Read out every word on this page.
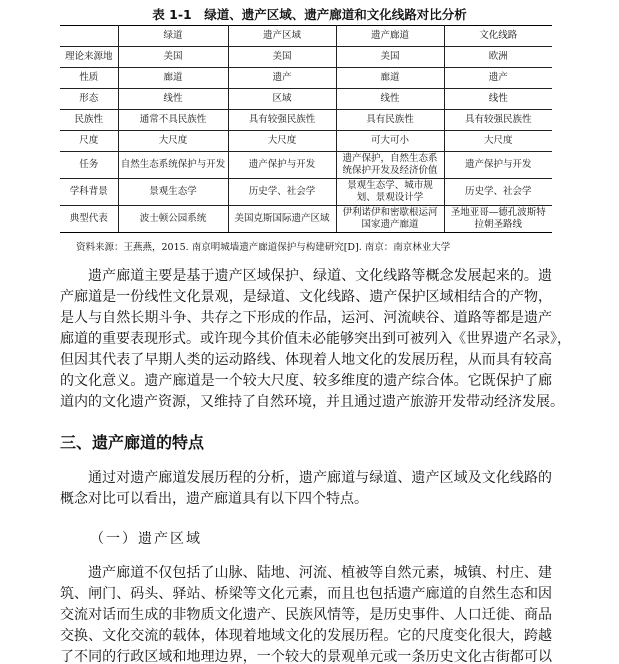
表 1-1　绿道、遗产区域、遗产廊道和文化线路对比分析
	绿道	遗产区域	遗产廊道	文化线路
理论来源地	美国	美国	美国	欧洲
性质	廊道	遗产	廊道	遗产
形态	线性	区域	线性	线性
民族性	通常不具民族性	具有较强民族性	具有民族性	具有较强民族性
尺度	大尺度	大尺度	可大可小	大尺度
任务	自然生态系统保护与开发	遗产保护与开发	遗产保护，自然生态系统保护开发及经济价值	遗产保护与开发
学科背景	景观生态学	历史学、社会学	景观生态学、城市规划、景观设计学	历史学、社会学
典型代表	波士顿公园系统	美国克斯国际遗产区域	伊利诺伊和密歇根运河国家遗产廊道	圣地亚哥—德孔波斯特拉朝圣路线
资料来源：王燕燕，2015. 南京明城墙遗产廊道保护与构建研究[D]. 南京：南京林业大学
遗产廊道主要是基于遗产区域保护、绿道、文化线路等概念发展起来的。遗
产廊道是一份线性文化景观，是绿道、文化线路、遗产保护区域相结合的产物，
是人与自然长期斗争、共存之下形成的作品，运河、河流峡谷、道路等都是遗产
廊道的重要表现形式。或许现今其价值未必能够突出到可被列入《世界遗产名录》，
但因其代表了早期人类的运动路线、体现着人地文化的发展历程，从而具有较高
的文化意义。遗产廊道是一个较大尺度、较多维度的遗产综合体。它既保护了廊
道内的文化遗产资源，又维持了自然环境，并且通过遗产旅游开发带动经济发展。
三、遗产廊道的特点
通过对遗产廊道发展历程的分析，遗产廊道与绿道、遗产区域及文化线路的
概念对比可以看出，遗产廊道具有以下四个特点。
（一）遗产区域
遗产廊道不仅包括了山脉、陆地、河流、植被等自然元素，城镇、村庄、建
筑、闸门、码头、驿站、桥梁等文化元素，而且也包括遗产廊道的自然生态和因
交流对话而生成的非物质文化遗产、民族风情等，是历史事件、人口迁徙、商品
交换、文化交流的载体，体现着地域文化的发展历程。它的尺度变化很大，跨越
了不同的行政区域和地理边界，一个较大的景观单元或一条历史文化古街都可以
